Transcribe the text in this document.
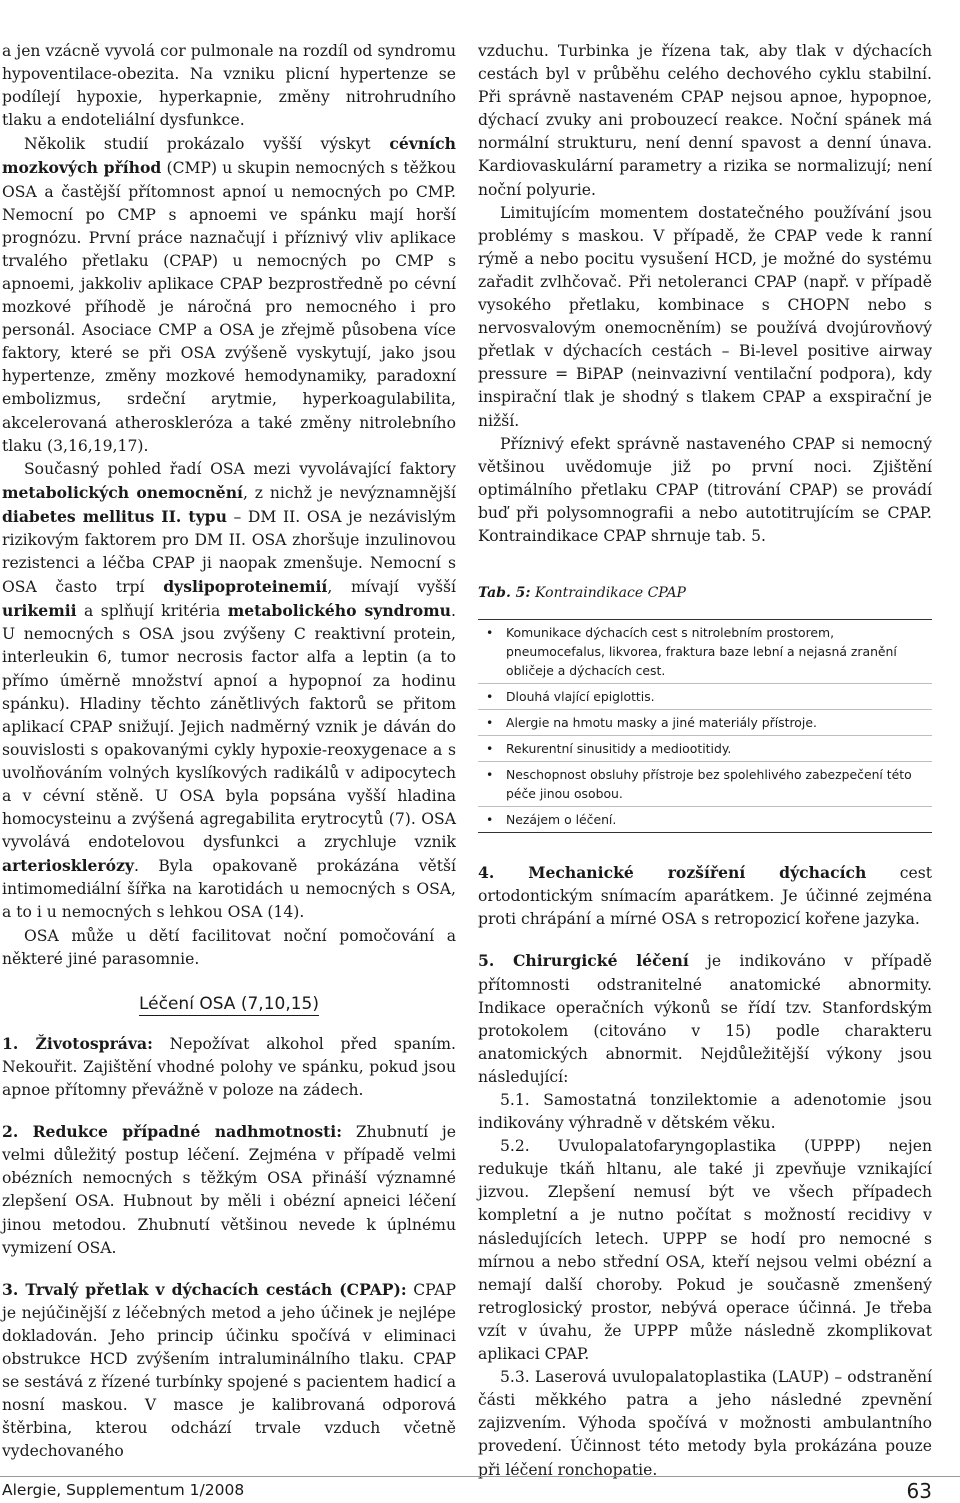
a jen vzácně vyvolá cor pulmonale na rozdíl od syndromu hypoventilace-obezita. Na vzniku plicní hypertenze se podílejí hypoxie, hyperkapnie, změny nitrohrudního tlaku a endoteliální dysfunkce.

Několik studií prokázalo vyšší výskyt cévních mozkových příhod (CMP) u skupin nemocných s těžkou OSA a častější přítomnost apnoí u nemocných po CMP. Nemocní po CMP s apnoemi ve spánku mají horší prognózu. První práce naznačují i příznivý vliv aplikace trvalého přetlaku (CPAP) u nemocných po CMP s apnoemi, jakkoliv aplikace CPAP bezprostředně po cévní mozkové příhodě je náročná pro nemocného i pro personál. Asociace CMP a OSA je zřejmě působena více faktory, které se při OSA zvýšeně vyskytují, jako jsou hypertenze, změny mozkové hemodynamiky, paradoxní embolizmus, srdeční arytmie, hyperkoagulabilita, akcelerovaná atheroskleróza a také změny nitrolebního tlaku (3,16,19,17).

Současný pohled řadí OSA mezi vyvolávající faktory metabolických onemocnění, z nichž je nevýznamnější diabetes mellitus II. typu – DM II. OSA je nezávislým rizikovým faktorem pro DM II. OSA zhoršuje inzulinovou rezistenci a léčba CPAP ji naopak zmenšuje. Nemocní s OSA často trpí dyslipoproteinemií, mívají vyšší urikemii a splňují kritéria metabolického syndromu. U nemocných s OSA jsou zvýšeny C reaktivní protein, interleukin 6, tumor necrosis factor alfa a leptin (a to přímo úměrně množství apnoí a hypopnoí za hodinu spánku). Hladiny těchto zánětlivých faktorů se přitom aplikací CPAP snižují. Jejich nadměrný vznik je dáván do souvislosti s opakovanými cykly hypoxie-reoxygenace a s uvolňováním volných kyslíkových radikálů v adipocytech a v cévní stěně. U OSA byla popsána vyšší hladina homocysteinu a zvýšená agregabilita erytrocytů (7). OSA vyvolává endotelovou dysfunkci a zrychluje vznik arteriosklerózy. Byla opakovaně prokázána větší intimomediální šířka na karotidách u nemocných s OSA, a to i u nemocných s lehkou OSA (14).

OSA může u dětí facilitovat noční pomočování a některé jiné parasomnie.

Léčení OSA (7,10,15)

1. Životospráva: Nepožívat alkohol před spaním. Nekouřit. Zajištění vhodné polohy ve spánku, pokud jsou apnoe přítomny převážně v poloze na zádech.

2. Redukce případné nadhmotnosti: Zhubnutí je velmi důležitý postup léčení. Zejména v případě velmi obézních nemocných s těžkým OSA přináší významné zlepšení OSA. Hubnout by měli i obézní apneici léčení jinou metodou. Zhubnutí většinou nevede k úplnému vymizení OSA.

3. Trvalý přetlak v dýchacích cestách (CPAP): CPAP je nejúčinější z léčebných metod a jeho účinek je nejlépe dokladován. Jeho princip účinku spočívá v eliminaci obstrukce HCD zvýšením intraluminálního tlaku. CPAP se sestává z řízené turbínky spojené s pacientem hadicí a nosní maskou. V masce je kalibrovaná odporová štěrbina, kterou odchází trvale vzduch včetně vydechovaného

vzduchu. Turbinka je řízena tak, aby tlak v dýchacích cestách byl v průběhu celého dechového cyklu stabilní. Při správně nastaveném CPAP nejsou apnoe, hypopnoe, dýchací zvuky ani probouzecí reakce. Noční spánek má normální strukturu, není denní spavost a denní únava. Kardiovaskulární parametry a rizika se normalizují; není noční polyurie.

Limitujícím momentem dostatečného používání jsou problémy s maskou. V případě, že CPAP vede k ranní rýmě a nebo pocitu vysušení HCD, je možné do systému zařadit zvlhčovač. Při netoleranci CPAP (např. v případě vysokého přetlaku, kombinace s CHOPN nebo s nervosvalovým onemocněním) se používá dvojúrovňový přetlak v dýchacích cestách – Bi-level positive airway pressure = BiPAP (neinvazivní ventilační podpora), kdy inspirační tlak je shodný s tlakem CPAP a exspirační je nižší.

Příznivý efekt správně nastaveného CPAP si nemocný většinou uvědomuje již po první noci. Zjištění optimálního přetlaku CPAP (titrování CPAP) se provádí buď při polysomnografii a nebo autotitrujícím se CPAP. Kontraindikace CPAP shrnuje tab. 5.

Tab. 5: Kontraindikace CPAP

• Komunikace dýchacích cest s nitrolebním prostorem, pneumocefalus, likvorea, fraktura baze lební a nejasná zranění obličeje a dýchacích cest.
• Dlouhá vlající epiglottis.
• Alergie na hmotu masky a jiné materiály přístroje.
• Rekurentní sinusitidy a mediootitidy.
• Neschopnost obsluhy přístroje bez spolehlivého zabezpečení této péče jinou osobou.
• Nezájem o léčení.

4. Mechanické rozšíření dýchacích cest ortodontickým snímacím aparátkem. Je účinné zejména proti chrápání a mírné OSA s retropozicí kořene jazyka.

5. Chirurgické léčení je indikováno v případě přítomnosti odstranitelné anatomické abnormity. Indikace operačních výkonů se řídí tzv. Stanfordským protokolem (citováno v 15) podle charakteru anatomických abnormit. Nejdůležitější výkony jsou následující:

5.1. Samostatná tonzilektomie a adenotomie jsou indikovány výhradně v dětském věku.

5.2. Uvulopalatofaryngoplastika (UPPP) nejen redukuje tkáň hltanu, ale také ji zpevňuje vznikající jizvou. Zlepšení nemusí být ve všech případech kompletní a je nutno počítat s možností recidivy v následujících letech. UPPP se hodí pro nemocné s mírnou a nebo střední OSA, kteří nejsou velmi obézní a nemají další choroby. Pokud je současně zmenšený retroglosický prostor, nebývá operace účinná. Je třeba vzít v úvahu, že UPPP může následně zkomplikovat aplikaci CPAP.

5.3. Laserová uvulopalatoplastika (LAUP) – odstranění části měkkého patra a jeho následné zpevnění zajizvením. Výhoda spočívá v možnosti ambulantního provedení. Účinnost této metody byla prokázána pouze při léčení ronchopatie.

Alergie, Supplementum 1/2008	63
